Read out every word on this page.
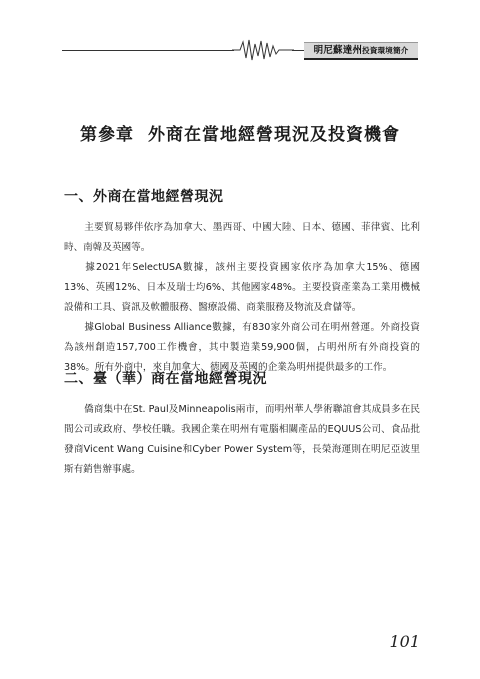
明尼蘇達州投資環境簡介
第參章 外商在當地經營現況及投資機會
一、外商在當地經營現況
主要貿易夥伴依序為加拿大、墨西哥、中國大陸、日本、德國、菲律賓、比利時、南韓及英國等。
據2021年SelectUSA數據，該州主要投資國家依序為加拿大15%、德國13%、英國12%、日本及瑞士均6%、其他國家48%。主要投資產業為工業用機械設備和工具、資訊及軟體服務、醫療設備、商業服務及物流及倉儲等。
據Global Business Alliance數據，有830家外商公司在明州營運。外商投資為該州創造157,700工作機會，其中製造業59,900個，占明州所有外商投資的38%。所有外商中，來自加拿大、德國及英國的企業為明州提供最多的工作。
二、臺（華）商在當地經營現況
僑商集中在St. Paul及Minneapolis兩市，而明州華人學術聯誼會其成員多在民間公司或政府、學校任職。我國企業在明州有電腦相關產品的EQUUS公司、食品批發商Vicent Wang Cuisine和Cyber Power System等，長榮海運則在明尼亞波里斯有銷售辦事處。
101
